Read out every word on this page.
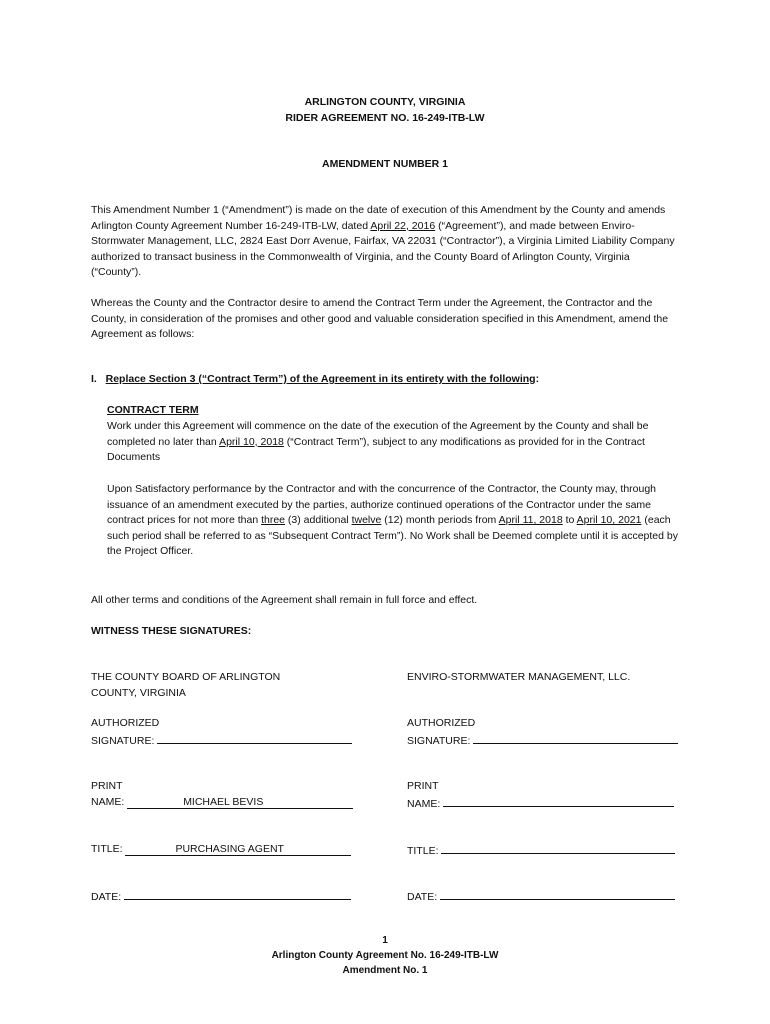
ARLINGTON COUNTY, VIRGINIA
RIDER AGREEMENT NO. 16-249-ITB-LW
AMENDMENT NUMBER 1
This Amendment Number 1 (“Amendment”) is made on the date of execution of this Amendment by the County and amends Arlington County Agreement Number 16-249-ITB-LW, dated April 22, 2016 (“Agreement”), and made between Enviro-Stormwater Management, LLC, 2824 East Dorr Avenue, Fairfax, VA 22031 (“Contractor”), a Virginia Limited Liability Company authorized to transact business in the Commonwealth of Virginia, and the County Board of Arlington County, Virginia (“County”).
Whereas the County and the Contractor desire to amend the Contract Term under the Agreement, the Contractor and the County, in consideration of the promises and other good and valuable consideration specified in this Amendment, amend the Agreement as follows:
I. Replace Section 3 (“Contract Term”) of the Agreement in its entirety with the following:
CONTRACT TERM
Work under this Agreement will commence on the date of the execution of the Agreement by the County and shall be completed no later than April 10, 2018 (“Contract Term”), subject to any modifications as provided for in the Contract Documents
Upon Satisfactory performance by the Contractor and with the concurrence of the Contractor, the County may, through issuance of an amendment executed by the parties, authorize continued operations of the Contractor under the same contract prices for not more than three (3) additional twelve (12) month periods from April 11, 2018 to April 10, 2021 (each such period shall be referred to as “Subsequent Contract Term”). No Work shall be Deemed complete until it is accepted by the Project Officer.
All other terms and conditions of the Agreement shall remain in full force and effect.
WITNESS THESE SIGNATURES:
THE COUNTY BOARD OF ARLINGTON
COUNTY, VIRGINIA
AUTHORIZED
SIGNATURE:
PRINT
NAME:	MICHAEL BEVIS
TITLE:	PURCHASING AGENT
DATE:
ENVIRO-STORMWATER MANAGEMENT, LLC.
AUTHORIZED
SIGNATURE:
PRINT
NAME:
TITLE:
DATE:
1
Arlington County Agreement No. 16-249-ITB-LW
Amendment No. 1
